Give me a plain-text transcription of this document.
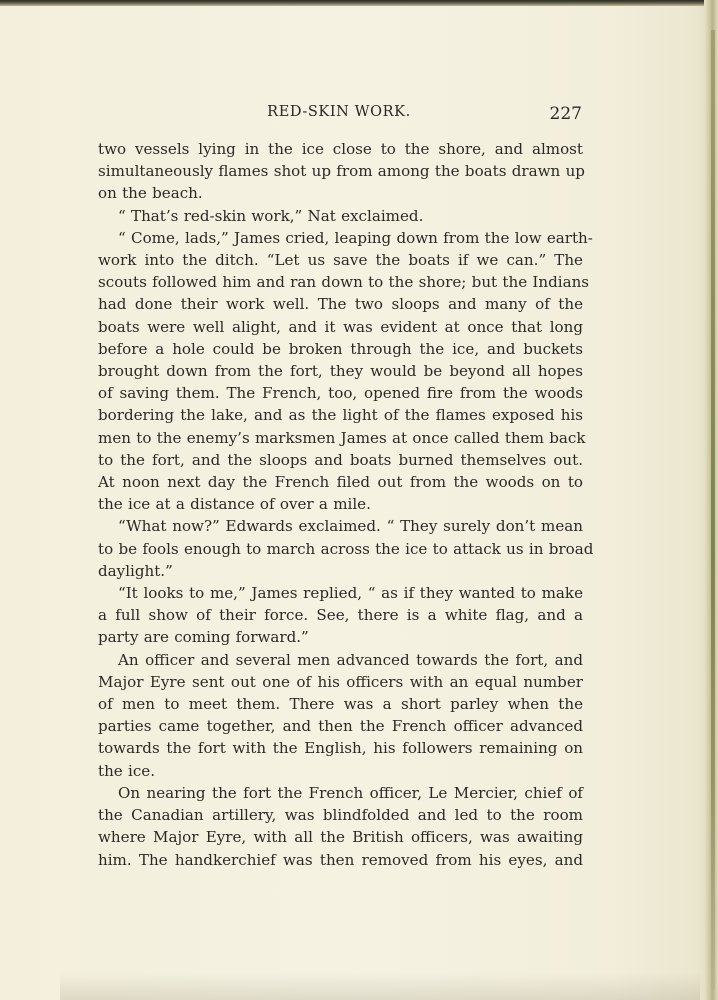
RED-SKIN WORK.	227
two vessels lying in the ice close to the shore, and almost
simultaneously flames shot up from among the boats drawn up
on the beach.
“ That’s red-skin work,” Nat exclaimed.
“ Come, lads,” James cried, leaping down from the low earth-
work into the ditch. “Let us save the boats if we can.” The
scouts followed him and ran down to the shore; but the Indians
had done their work well. The two sloops and many of the
boats were well alight, and it was evident at once that long
before a hole could be broken through the ice, and buckets
brought down from the fort, they would be beyond all hopes
of saving them. The French, too, opened fire from the woods
bordering the lake, and as the light of the flames exposed his
men to the enemy’s marksmen James at once called them back
to the fort, and the sloops and boats burned themselves out.
At noon next day the French filed out from the woods on to
the ice at a distance of over a mile.
“What now?” Edwards exclaimed. “ They surely don’t mean
to be fools enough to march across the ice to attack us in broad
daylight.”
“It looks to me,” James replied, “ as if they wanted to make
a full show of their force. See, there is a white flag, and a
party are coming forward.”
An officer and several men advanced towards the fort, and
Major Eyre sent out one of his officers with an equal number
of men to meet them. There was a short parley when the
parties came together, and then the French officer advanced
towards the fort with the English, his followers remaining on
the ice.
On nearing the fort the French officer, Le Mercier, chief of
the Canadian artillery, was blindfolded and led to the room
where Major Eyre, with all the British officers, was awaiting
him. The handkerchief was then removed from his eyes, and
